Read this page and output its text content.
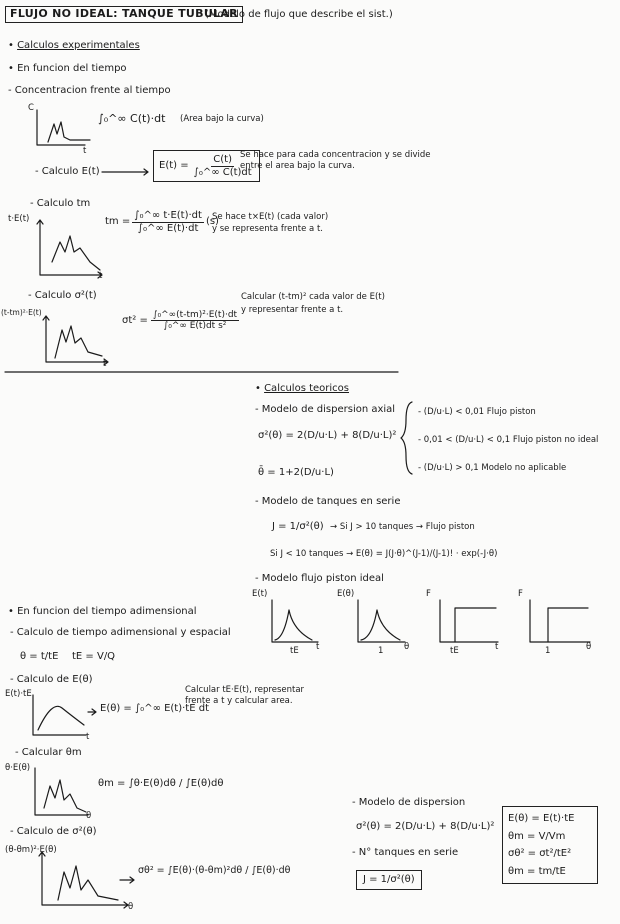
FLUJO NO IDEAL: TANQUE TUBULAR
(Modelo de flujo que describe el sist.)
• Calculos experimentales
• En funcion del tiempo
- Concentracion frente al tiempo
C
t
∫₀^∞ C(t)·dt (Area bajo la curva)
- Calculo E(t)
$E(t) = \frac{C(t)}{\text{∫₀\textasciicircum{}∞ C(t)dt}}$
Se hace para cada concentracion y se divide
entre el area bajo la curva.
- Calculo tm
t·E(t)
t
tm = $\frac{\text{∫₀\textasciicircum{}∞ t·E(t)·dt}}{\text{∫₀\textasciicircum{}∞ E(t)·dt}} (s)$
Se hace t×E(t) (cada valor)
y se representa frente a t.
- Calculo σ²(t)
(t-tm)²·E(t)
t
$\sigma t^2 = \frac{\text{∫₀\textasciicircum{}∞(t-tm)²·E(t)·dt}}{\text{∫₀\textasciicircum{}∞ E(t)dt s²}}$
Calcular (t-tm)² cada valor de E(t)
y representar frente a t.
• Calculos teoricos
- Modelo de dispersion axial
σ²(θ) = 2(D/u·L) + 8(D/u·L)²
θ̄ = 1+2(D/u·L)
- (D/u·L) < 0,01 Flujo piston
- 0,01 < (D/u·L) < 0,1 Flujo piston no ideal
- (D/u·L) > 0,1 Modelo no aplicable
- Modelo de tanques en serie
J = 1/σ²(θ) → Si J > 10 tanques → Flujo piston
Si J < 10 tanques → E(θ) = J(J·θ)^(J-1)/(J-1)! · exp(-J·θ)
- Modelo flujo piston ideal
E(t)	E(θ)	F	F
tE	1	tE	1
t	θ	t	θ
• En funcion del tiempo adimensional
- Calculo de tiempo adimensional y espacial
θ = t/tE tE = V/Q
- Calculo de E(θ)
E(t)·tE
t
E(θ) = ∫₀^∞ E(t)·tE dt
Calcular tE·E(t), representar
frente a t y calcular area.
- Calcular θm
θ·E(θ)
θ
θm = ∫θ·E(θ)dθ / ∫E(θ)dθ
- Calculo de σ²(θ)
(θ-θm)²·E(θ)
θ
σθ² = ∫E(θ)·(θ-θm)²dθ / ∫E(θ)·dθ
- Modelo de dispersion
σ²(θ) = 2(D/u·L) + 8(D/u·L)²
- N° tanques en serie
J = 1/σ²(θ)
E(θ) = E(t)·tE
θm = V/Vm
σθ² = σt²/tE²
θm = tm/tE
